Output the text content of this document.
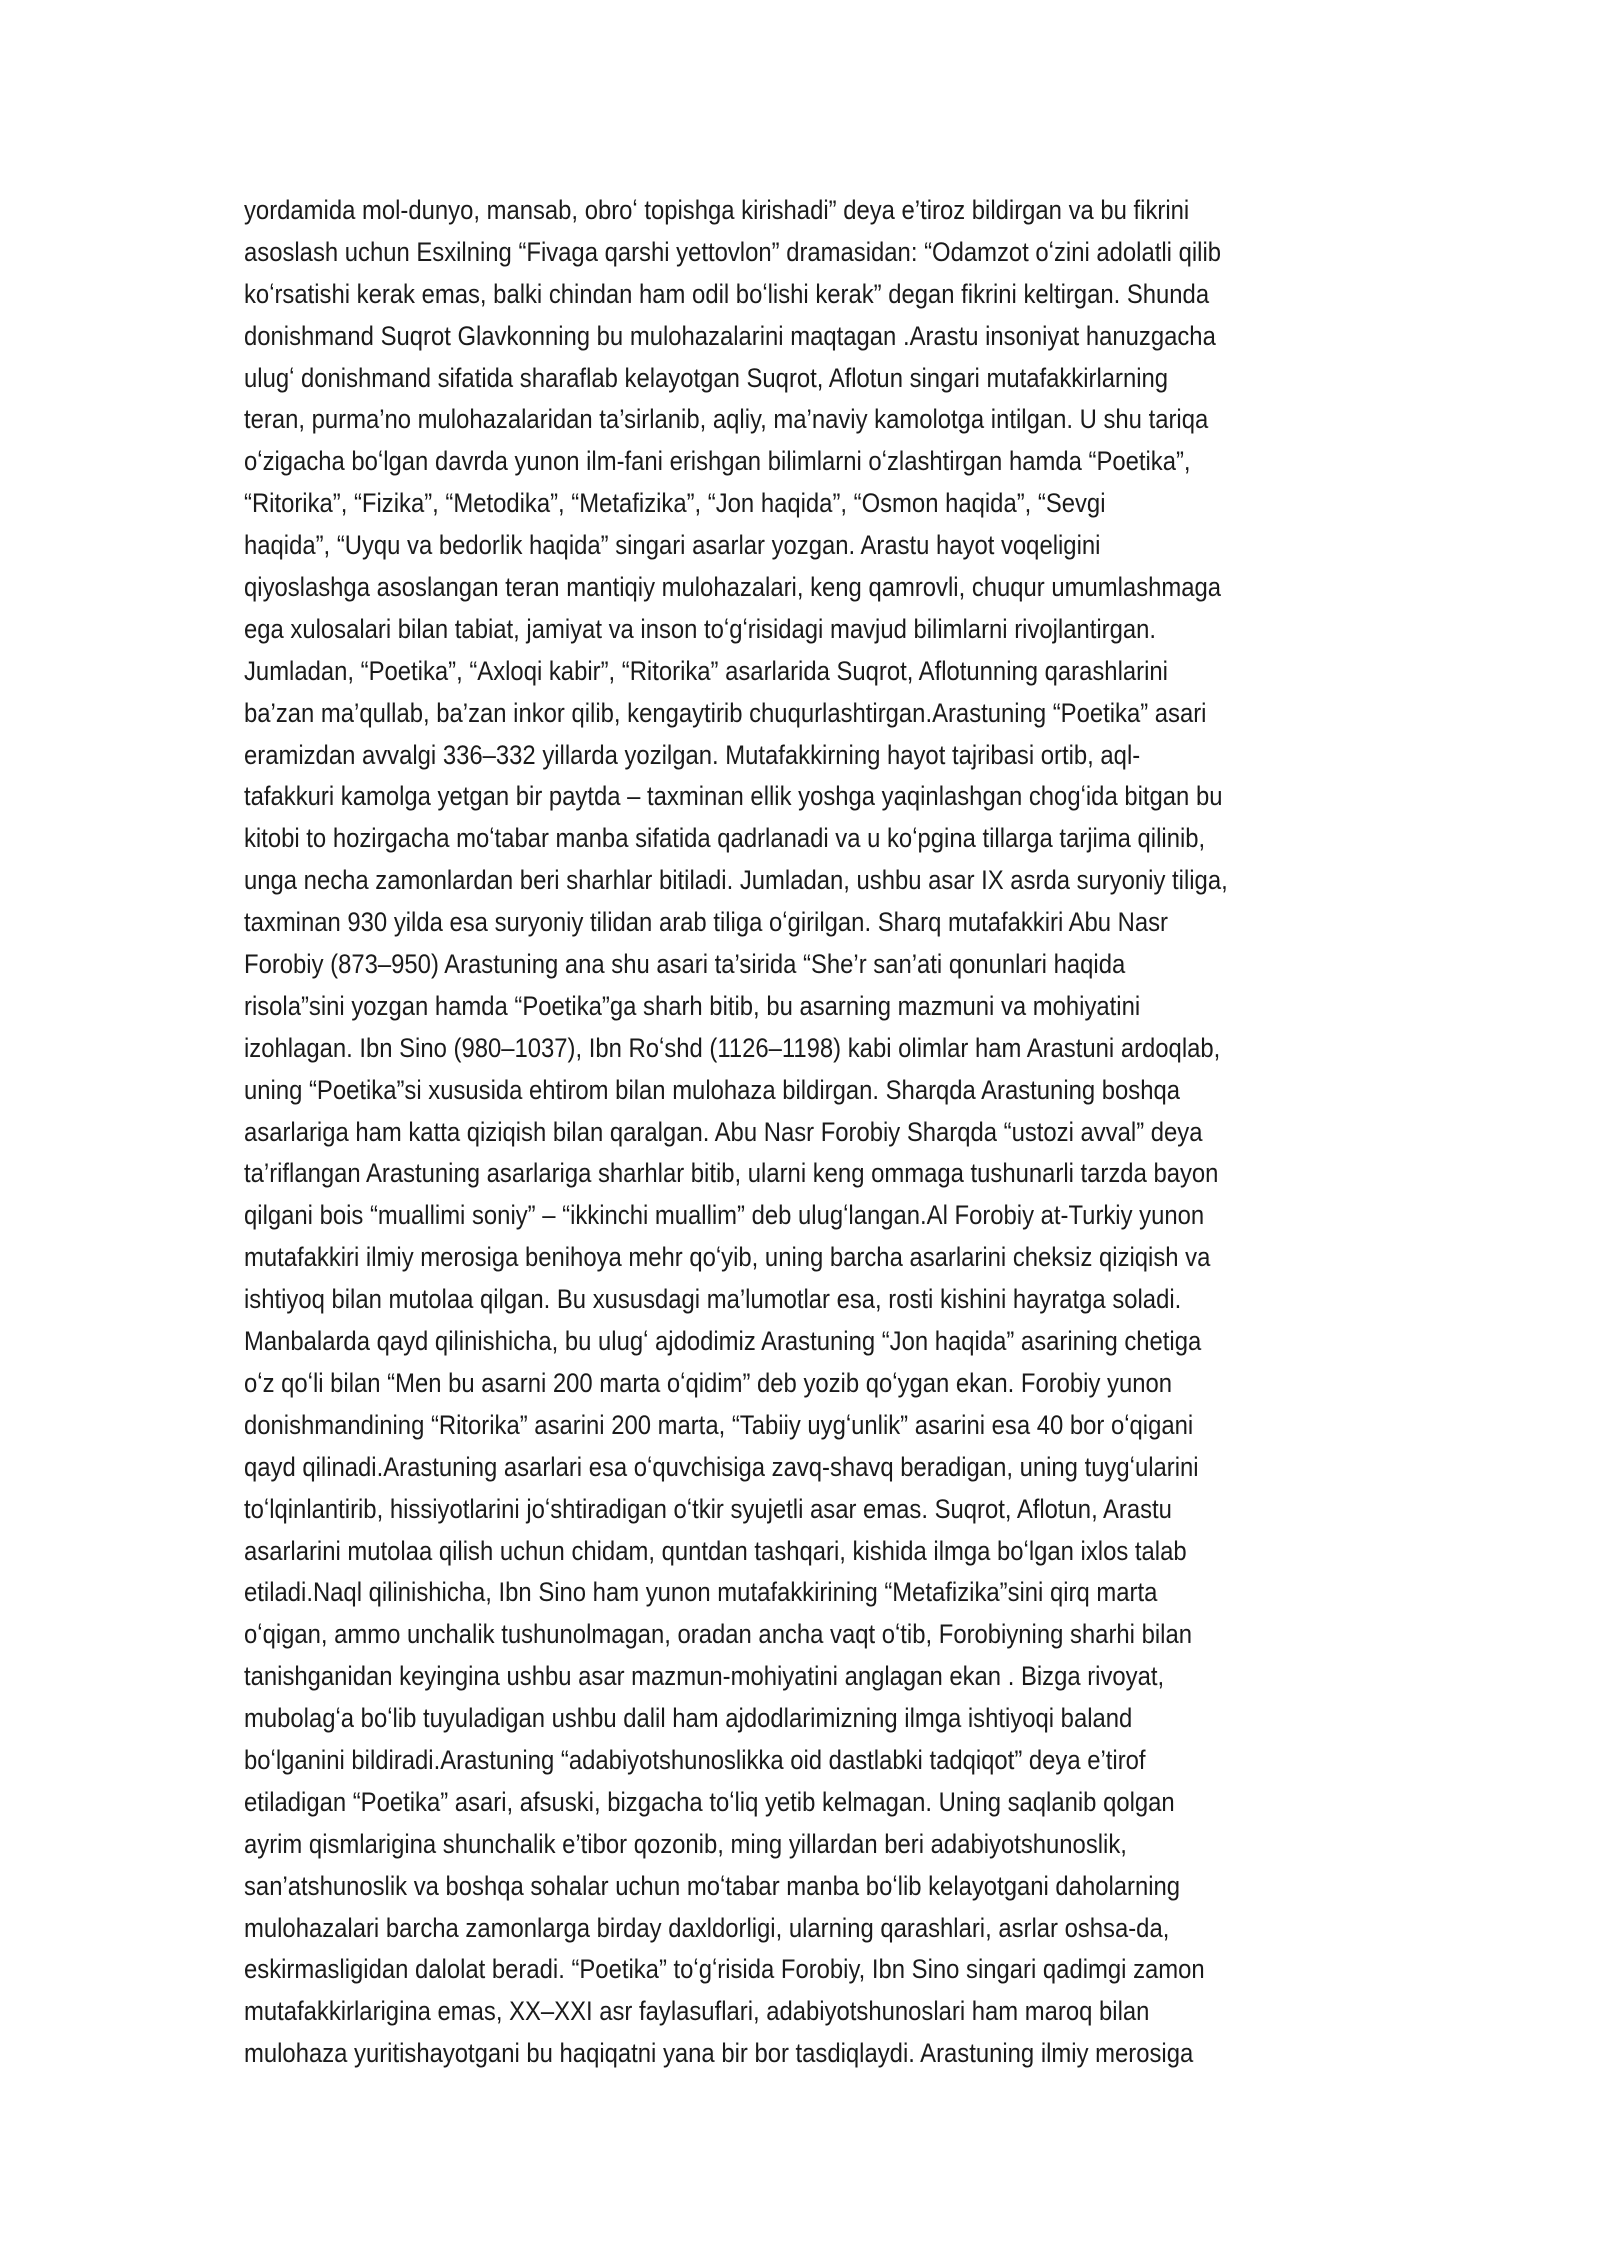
yordamida mol-dunyo, mansab, obroʻ topishga kirishadi” deya e’tiroz bildirgan va bu fikrini
asoslash uchun Esxilning “Fivaga qarshi yettovlon” dramasidan: “Odamzot oʻzini adolatli qilib
koʻrsatishi kerak emas, balki chindan ham odil boʻlishi kerak” degan fikrini keltirgan. Shunda
donishmand Suqrot Glavkonning bu mulohazalarini maqtagan .Arastu insoniyat hanuzgacha
ulugʻ donishmand sifatida sharaflab kelayotgan Suqrot, Aflotun singari mutafakkirlarning
teran, purma’no mulohazalaridan ta’sirlanib, aqliy, ma’naviy kamolotga intilgan. U shu tariqa
oʻzigacha boʻlgan davrda yunon ilm-fani erishgan bilimlarni oʻzlashtirgan hamda “Poetika”,
“Ritorika”, “Fizika”, “Metodika”, “Metafizika”, “Jon haqida”, “Osmon haqida”, “Sevgi
haqida”, “Uyqu va bedorlik haqida” singari asarlar yozgan. Arastu hayot voqeligini
qiyoslashga asoslangan teran mantiqiy mulohazalari, keng qamrovli, chuqur umumlashmaga
ega xulosalari bilan tabiat, jamiyat va inson toʻgʻrisidagi mavjud bilimlarni rivojlantirgan.
Jumladan, “Poetika”, “Axloqi kabir”, “Ritorika” asarlarida Suqrot, Aflotunning qarashlarini
ba’zan ma’qullab, ba’zan inkor qilib, kengaytirib chuqurlashtirgan.Arastuning “Poetika” asari
eramizdan avvalgi 336–332 yillarda yozilgan. Mutafakkirning hayot tajribasi ortib, aql-
tafakkuri kamolga yetgan bir paytda – taxminan ellik yoshga yaqinlashgan chogʻida bitgan bu
kitobi to hozirgacha moʻtabar manba sifatida qadrlanadi va u koʻpgina tillarga tarjima qilinib,
unga necha zamonlardan beri sharhlar bitiladi. Jumladan, ushbu asar IX asrda suryoniy tiliga,
taxminan 930 yilda esa suryoniy tilidan arab tiliga oʻgirilgan. Sharq mutafakkiri Abu Nasr
Forobiy (873–950) Arastuning ana shu asari ta’sirida “She’r san’ati qonunlari haqida
risola”sini yozgan hamda “Poetika”ga sharh bitib, bu asarning mazmuni va mohiyatini
izohlagan. Ibn Sino (980–1037), Ibn Roʻshd (1126–1198) kabi olimlar ham Arastuni ardoqlab,
uning “Poetika”si xususida ehtirom bilan mulohaza bildirgan. Sharqda Arastuning boshqa
asarlariga ham katta qiziqish bilan qaralgan. Abu Nasr Forobiy Sharqda “ustozi avval” deya
ta’riflangan Arastuning asarlariga sharhlar bitib, ularni keng ommaga tushunarli tarzda bayon
qilgani bois “muallimi soniy” – “ikkinchi muallim” deb ulugʻlangan.Al Forobiy at-Turkiy yunon
mutafakkiri ilmiy merosiga benihoya mehr qoʻyib, uning barcha asarlarini cheksiz qiziqish va
ishtiyoq bilan mutolaa qilgan. Bu xususdagi ma’lumotlar esa, rosti kishini hayratga soladi.
Manbalarda qayd qilinishicha, bu ulugʻ ajdodimiz Arastuning “Jon haqida” asarining chetiga
oʻz qoʻli bilan “Men bu asarni 200 marta oʻqidim” deb yozib qoʻygan ekan. Forobiy yunon
donishmandining “Ritorika” asarini 200 marta, “Tabiiy uygʻunlik” asarini esa 40 bor oʻqigani
qayd qilinadi.Arastuning asarlari esa oʻquvchisiga zavq-shavq beradigan, uning tuygʻularini
toʻlqinlantirib, hissiyotlarini joʻshtiradigan oʻtkir syujetli asar emas. Suqrot, Aflotun, Arastu
asarlarini mutolaa qilish uchun chidam, quntdan tashqari, kishida ilmga boʻlgan ixlos talab
etiladi.Naql qilinishicha, Ibn Sino ham yunon mutafakkirining “Metafizika”sini qirq marta
oʻqigan, ammo unchalik tushunolmagan, oradan ancha vaqt oʻtib, Forobiyning sharhi bilan
tanishganidan keyingina ushbu asar mazmun-mohiyatini anglagan ekan . Bizga rivoyat,
mubolagʻa boʻlib tuyuladigan ushbu dalil ham ajdodlarimizning ilmga ishtiyoqi baland
boʻlganini bildiradi.Arastuning “adabiyotshunoslikka oid dastlabki tadqiqot” deya e’tirof
etiladigan “Poetika” asari, afsuski, bizgacha toʻliq yetib kelmagan. Uning saqlanib qolgan
ayrim qismlarigina shunchalik e’tibor qozonib, ming yillardan beri adabiyotshunoslik,
san’atshunoslik va boshqa sohalar uchun moʻtabar manba boʻlib kelayotgani daholarning
mulohazalari barcha zamonlarga birday daxldorligi, ularning qarashlari, asrlar oshsa-da,
eskirmasligidan dalolat beradi. “Poetika” toʻgʻrisida Forobiy, Ibn Sino singari qadimgi zamon
mutafakkirlarigina emas, XX–XXI asr faylasuflari, adabiyotshunoslari ham maroq bilan
mulohaza yuritishayotgani bu haqiqatni yana bir bor tasdiqlaydi. Arastuning ilmiy merosiga
